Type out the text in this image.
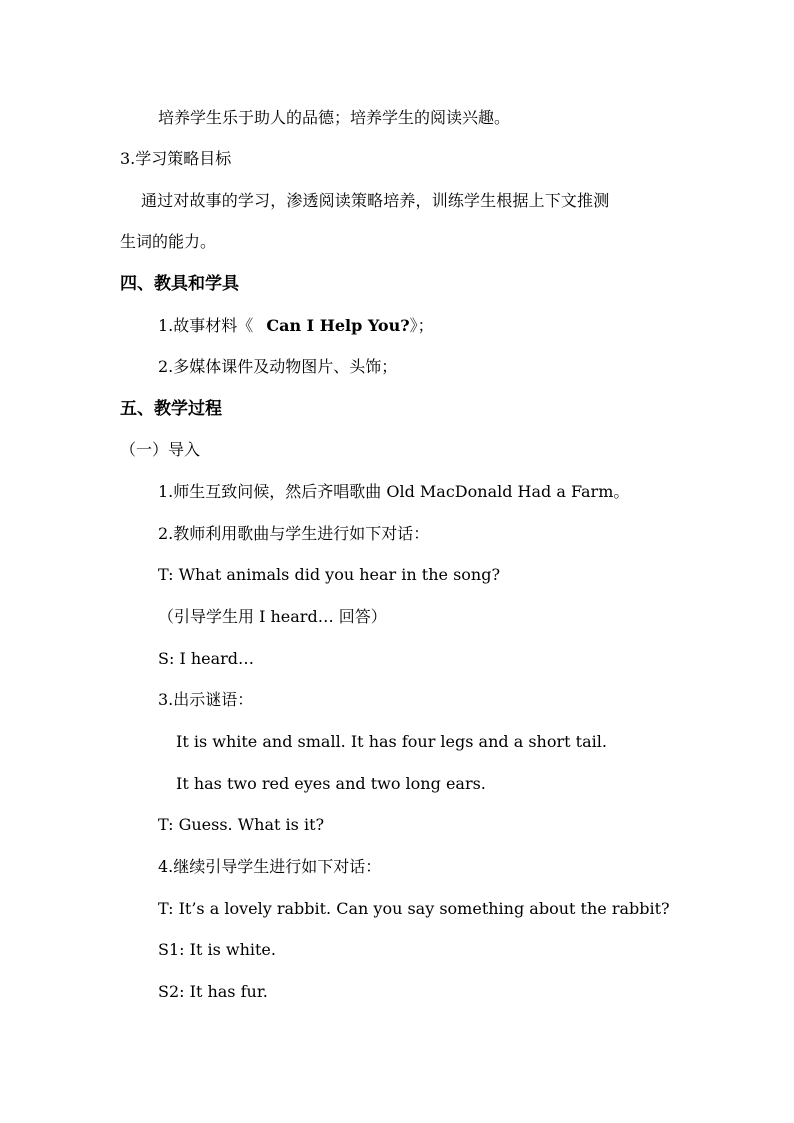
培养学生乐于助人的品德；培养学生的阅读兴趣。
3.学习策略目标
通过对故事的学习，渗透阅读策略培养，训练学生根据上下文推测
生词的能力。
四、教具和学具
1.故事材料《 Can I Help You?》；
2.多媒体课件及动物图片、头饰；
五、教学过程
（一）导入
1.师生互致问候，然后齐唱歌曲 Old MacDonald Had a Farm。
2.教师利用歌曲与学生进行如下对话：
T: What animals did you hear in the song?
（引导学生用 I heard… 回答）
S: I heard…
3.出示谜语：
It is white and small. It has four legs and a short tail.
It has two red eyes and two long ears.
T: Guess. What is it?
4.继续引导学生进行如下对话：
T: It’s a lovely rabbit. Can you say something about the rabbit?
S1: It is white.
S2: It has fur.
